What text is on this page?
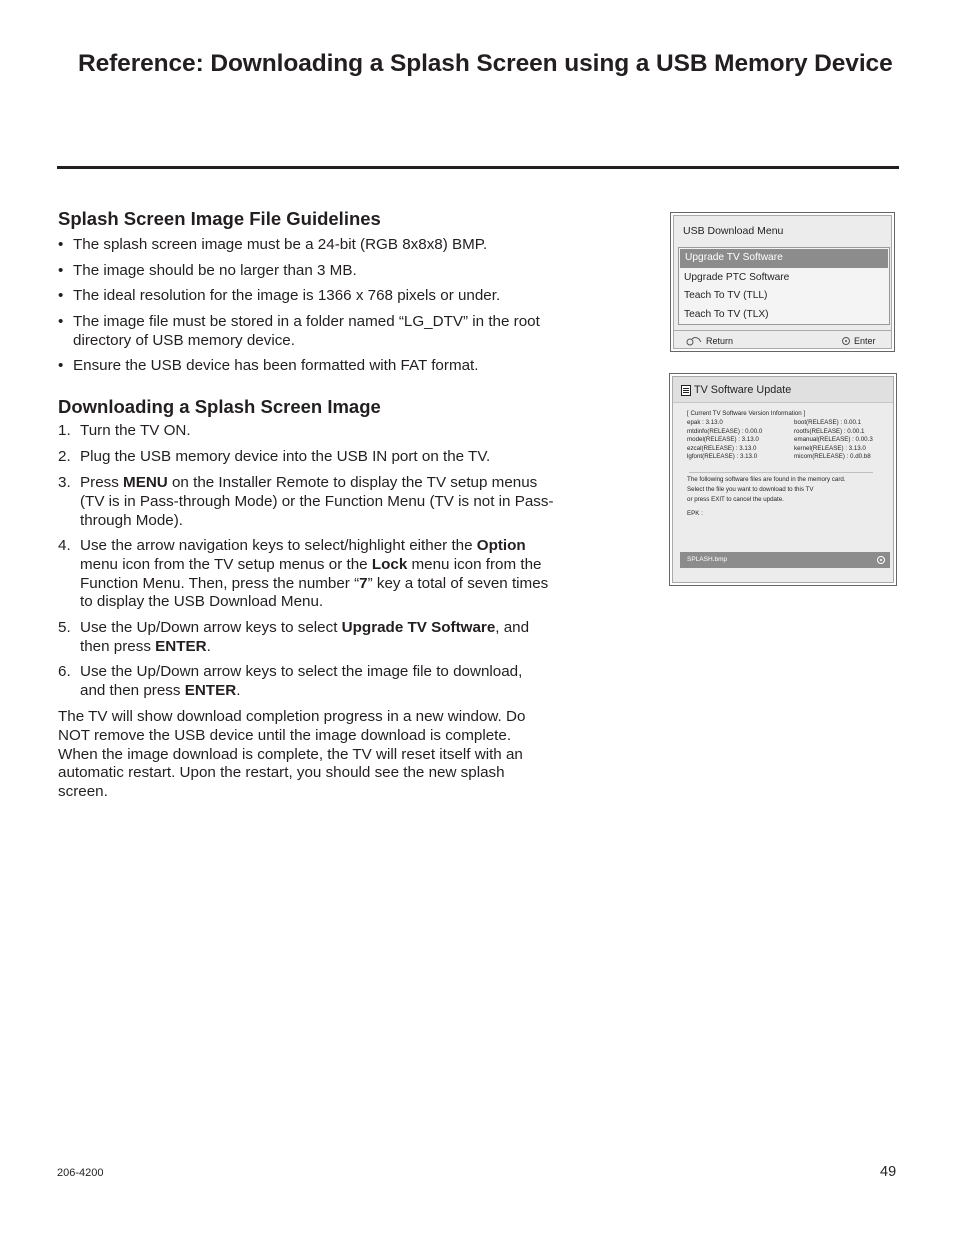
Reference: Downloading a Splash Screen using a USB Memory Device
Splash Screen Image File Guidelines
• The splash screen image must be a 24-bit (RGB 8x8x8) BMP.
• The image should be no larger than 3 MB.
• The ideal resolution for the image is 1366 x 768 pixels or under.
• The image file must be stored in a folder named “LG_DTV” in the root directory of USB memory device.
• Ensure the USB device has been formatted with FAT format.
Downloading a Splash Screen Image
1. Turn the TV ON.
2. Plug the USB memory device into the USB IN port on the TV.
3. Press MENU on the Installer Remote to display the TV setup menus (TV is in Pass-through Mode) or the Function Menu (TV is not in Pass-through Mode).
4. Use the arrow navigation keys to select/highlight either the Option menu icon from the TV setup menus or the Lock menu icon from the Function Menu. Then, press the number “7” key a total of seven times to display the USB Download Menu.
5. Use the Up/Down arrow keys to select Upgrade TV Software, and then press ENTER.
6. Use the Up/Down arrow keys to select the image file to download, and then press ENTER.
The TV will show download completion progress in a new window. Do NOT remove the USB device until the image download is complete. When the image download is complete, the TV will reset itself with an automatic restart. Upon the restart, you should see the new splash screen.
USB Download Menu
Upgrade TV Software
Upgrade PTC Software
Teach To TV (TLL)
Teach To TV (TLX)
Return	Enter
TV Software Update
[ Current TV Software Version Information ]
epak : 3.13.0
mtdinfo(RELEASE) : 0.00.0
model(RELEASE) : 3.13.0
ezcal(RELEASE) : 3.13.0
lgfont(RELEASE) : 3.13.0
boot(RELEASE) : 0.00.1
rootfs(RELEASE) : 0.00.1
emanual(RELEASE) : 0.00.3
kernel(RELEASE) : 3.13.0
micom(RELEASE) : 0.d0.b8
The following software files are found in the memory card.
Select the file you want to download to this TV
or press EXIT to cancel the update.
EPK :
SPLASH.bmp
206-4200	49
